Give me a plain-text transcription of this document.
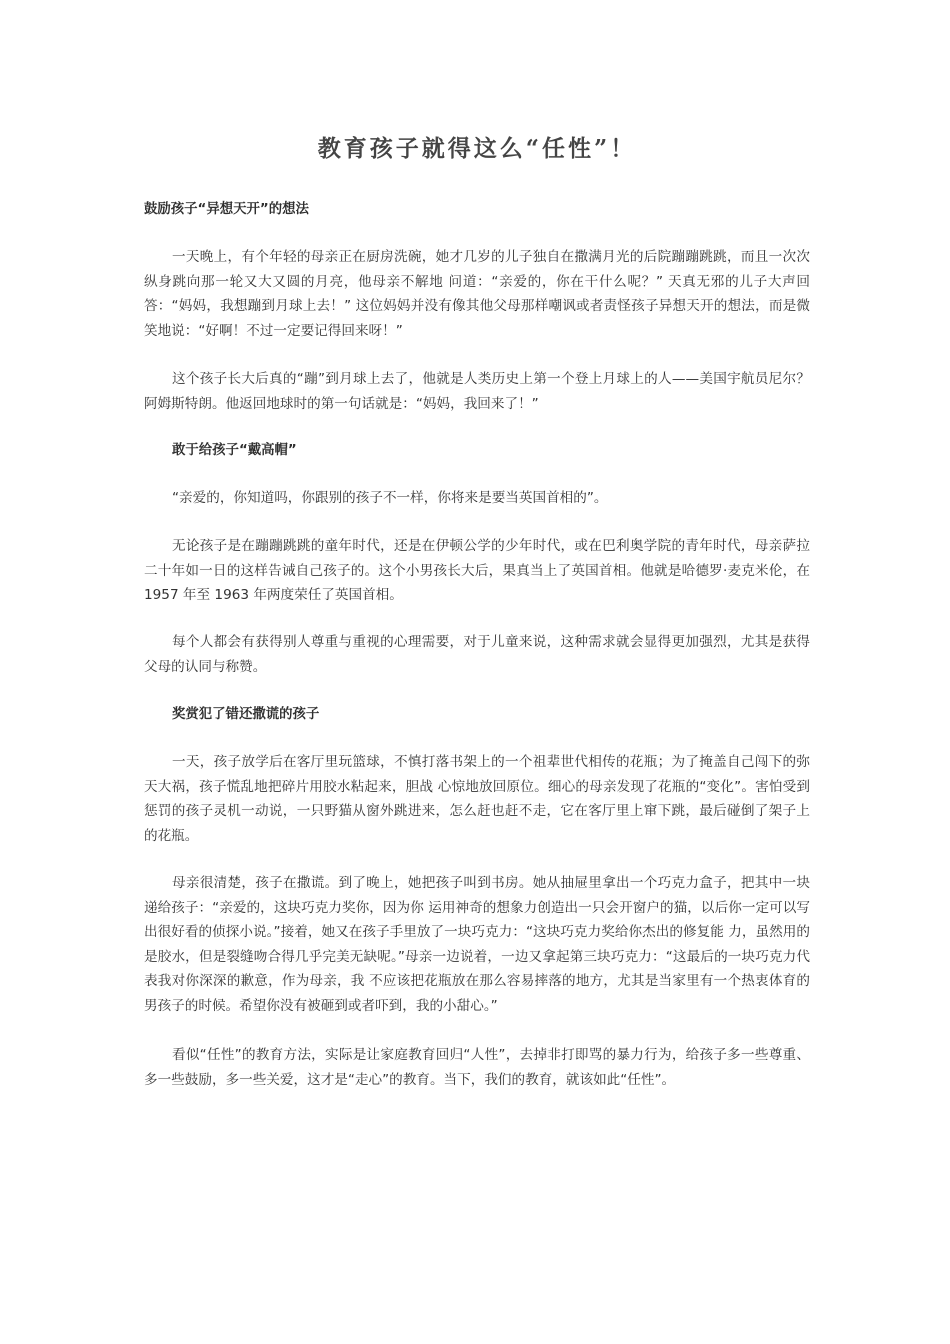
教育孩子就得这么“任性”！

鼓励孩子“异想天开”的想法

一天晚上，有个年轻的母亲正在厨房洗碗，她才几岁的儿子独自在撒满月光的后院蹦蹦跳跳，而且一次次纵身跳向那一轮又大又圆的月亮，他母亲不解地 问道：“亲爱的，你在干什么呢？” 天真无邪的儿子大声回答：“妈妈，我想蹦到月球上去！” 这位妈妈并没有像其他父母那样嘲讽或者责怪孩子异想天开的想法，而是微笑地说：“好啊！不过一定要记得回来呀！”

这个孩子长大后真的“蹦”到月球上去了，他就是人类历史上第一个登上月球上的人——美国宇航员尼尔？阿姆斯特朗。他返回地球时的第一句话就是：“妈妈，我回来了！”

敢于给孩子“戴高帽”

“亲爱的，你知道吗，你跟别的孩子不一样，你将来是要当英国首相的”。

无论孩子是在蹦蹦跳跳的童年时代，还是在伊顿公学的少年时代，或在巴利奥学院的青年时代，母亲萨拉二十年如一日的这样告诫自己孩子的。这个小男孩长大后，果真当上了英国首相。他就是哈德罗·麦克米伦，在 1957 年至 1963 年两度荣任了英国首相。

每个人都会有获得别人尊重与重视的心理需要，对于儿童来说，这种需求就会显得更加强烈，尤其是获得父母的认同与称赞。

奖赏犯了错还撒谎的孩子

一天，孩子放学后在客厅里玩篮球，不慎打落书架上的一个祖辈世代相传的花瓶；为了掩盖自己闯下的弥天大祸，孩子慌乱地把碎片用胶水粘起来，胆战 心惊地放回原位。细心的母亲发现了花瓶的“变化”。害怕受到惩罚的孩子灵机一动说，一只野猫从窗外跳进来，怎么赶也赶不走，它在客厅里上窜下跳，最后碰倒了架子上的花瓶。

母亲很清楚，孩子在撒谎。到了晚上，她把孩子叫到书房。她从抽屉里拿出一个巧克力盒子，把其中一块递给孩子：“亲爱的，这块巧克力奖你，因为你 运用神奇的想象力创造出一只会开窗户的猫，以后你一定可以写出很好看的侦探小说。”接着，她又在孩子手里放了一块巧克力：“这块巧克力奖给你杰出的修复能 力，虽然用的是胶水，但是裂缝吻合得几乎完美无缺呢。”母亲一边说着，一边又拿起第三块巧克力：“这最后的一块巧克力代表我对你深深的歉意，作为母亲，我 不应该把花瓶放在那么容易摔落的地方，尤其是当家里有一个热衷体育的男孩子的时候。希望你没有被砸到或者吓到，我的小甜心。”

看似“任性”的教育方法，实际是让家庭教育回归“人性”，去掉非打即骂的暴力行为，给孩子多一些尊重、多一些鼓励，多一些关爱，这才是“走心”的教育。当下，我们的教育，就该如此“任性”。
